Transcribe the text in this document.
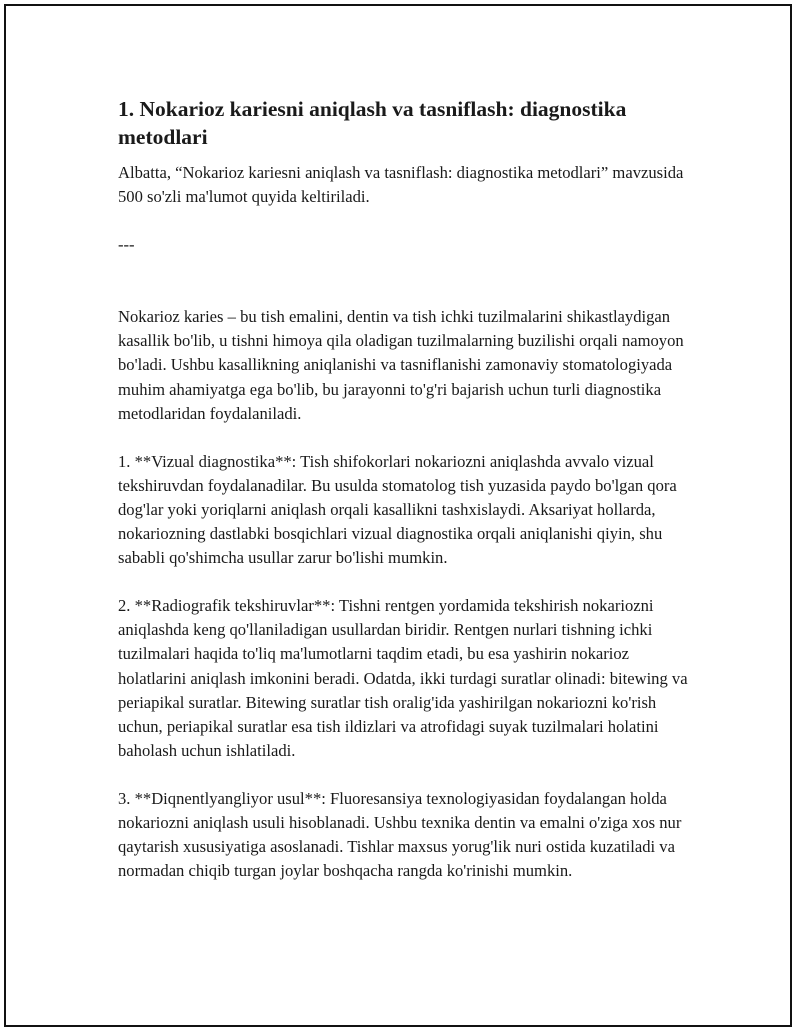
1. Nokarioz kariesni aniqlash va tasniflash: diagnostika metodlari

Albatta, “Nokarioz kariesni aniqlash va tasniflash: diagnostika metodlari” mavzusida 500 so'zli ma'lumot quyida keltiriladi.

---

Nokarioz karies – bu tish emalini, dentin va tish ichki tuzilmalarini shikastlaydigan kasallik bo'lib, u tishni himoya qila oladigan tuzilmalarning buzilishi orqali namoyon bo'ladi. Ushbu kasallikning aniqlanishi va tasniflanishi zamonaviy stomatologiyada muhim ahamiyatga ega bo'lib, bu jarayonni to'g'ri bajarish uchun turli diagnostika metodlaridan foydalaniladi.

1. **Vizual diagnostika**: Tish shifokorlari nokariozni aniqlashda avvalo vizual tekshiruvdan foydalanadilar. Bu usulda stomatolog tish yuzasida paydo bo'lgan qora dog'lar yoki yoriqlarni aniqlash orqali kasallikni tashxislaydi. Aksariyat hollarda, nokariozning dastlabki bosqichlari vizual diagnostika orqali aniqlanishi qiyin, shu sababli qo'shimcha usullar zarur bo'lishi mumkin.

2. **Radiografik tekshiruvlar**: Tishni rentgen yordamida tekshirish nokariozni aniqlashda keng qo'llaniladigan usullardan biridir. Rentgen nurlari tishning ichki tuzilmalari haqida to'liq ma'lumotlarni taqdim etadi, bu esa yashirin nokarioz holatlarini aniqlash imkonini beradi. Odatda, ikki turdagi suratlar olinadi: bitewing va periapikal suratlar. Bitewing suratlar tish oralig'ida yashirilgan nokariozni ko'rish uchun, periapikal suratlar esa tish ildizlari va atrofidagi suyak tuzilmalari holatini baholash uchun ishlatiladi.

3. **Diqnentlyangliyor usul**: Fluoresansiya texnologiyasidan foydalangan holda nokariozni aniqlash usuli hisoblanadi. Ushbu texnika dentin va emalni o'ziga xos nur qaytarish xususiyatiga asoslanadi. Tishlar maxsus yorug'lik nuri ostida kuzatiladi va normadan chiqib turgan joylar boshqacha rangda ko'rinishi mumkin.
